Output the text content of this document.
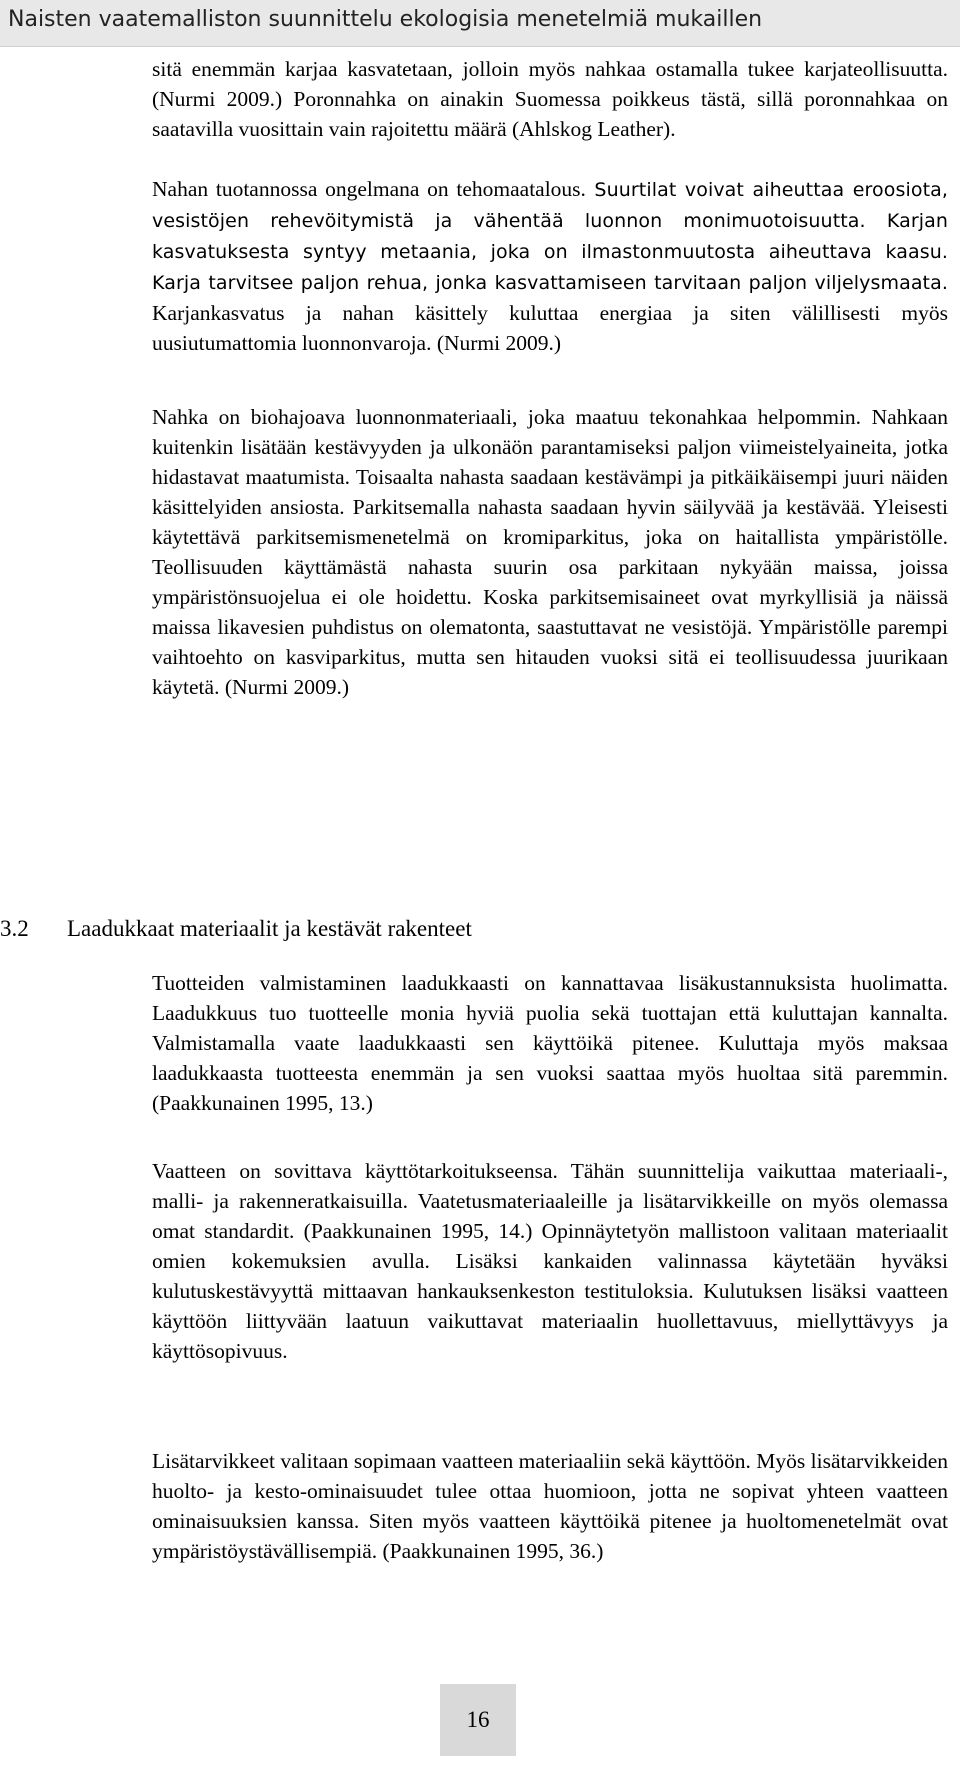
Naisten vaatemalliston suunnittelu ekologisia menetelmiä mukaillen

sitä enemmän karjaa kasvatetaan, jolloin myös nahkaa ostamalla tukee karjateollisuutta. (Nurmi 2009.) Poronnahka on ainakin Suomessa poikkeus tästä, sillä poronnahkaa on saatavilla vuosittain vain rajoitettu määrä (Ahlskog Leather).

Nahan tuotannossa ongelmana on tehomaatalous. Suurtilat voivat aiheuttaa eroosiota, vesistöjen rehevöitymistä ja vähentää luonnon monimuotoisuutta. Karjan kasvatuksesta syntyy metaania, joka on ilmastonmuutosta aiheuttava kaasu. Karja tarvitsee paljon rehua, jonka kasvattamiseen tarvitaan paljon viljelysmaata. Karjankasvatus ja nahan käsittely kuluttaa energiaa ja siten välillisesti myös uusiutumattomia luonnonvaroja. (Nurmi 2009.)

Nahka on biohajoava luonnonmateriaali, joka maatuu tekonahkaa helpommin. Nahkaan kuitenkin lisätään kestävyyden ja ulkonäön parantamiseksi paljon viimeistelyaineita, jotka hidastavat maatumista. Toisaalta nahasta saadaan kestävämpi ja pitkäikäisempi juuri näiden käsittelyiden ansiosta. Parkitsemalla nahasta saadaan hyvin säilyvää ja kestävää. Yleisesti käytettävä parkitsemismenetelmä on kromiparkitus, joka on haitallista ympäristölle. Teollisuuden käyttämästä nahasta suurin osa parkitaan nykyään maissa, joissa ympäristönsuojelua ei ole hoidettu. Koska parkitsemisaineet ovat myrkyllisiä ja näissä maissa likavesien puhdistus on olematonta, saastuttavat ne vesistöjä. Ympäristölle parempi vaihtoehto on kasviparkitus, mutta sen hitauden vuoksi sitä ei teollisuudessa juurikaan käytetä. (Nurmi 2009.)

3.2 Laadukkaat materiaalit ja kestävät rakenteet

Tuotteiden valmistaminen laadukkaasti on kannattavaa lisäkustannuksista huolimatta. Laadukkuus tuo tuotteelle monia hyviä puolia sekä tuottajan että kuluttajan kannalta. Valmistamalla vaate laadukkaasti sen käyttöikä pitenee. Kuluttaja myös maksaa laadukkaasta tuotteesta enemmän ja sen vuoksi saattaa myös huoltaa sitä paremmin. (Paakkunainen 1995, 13.)

Vaatteen on sovittava käyttötarkoitukseensa. Tähän suunnittelija vaikuttaa materiaali-, malli- ja rakenneratkaisuilla. Vaatetusmateriaaleille ja lisätarvikkeille on myös olemassa omat standardit. (Paakkunainen 1995, 14.) Opinnäytetyön mallistoon valitaan materiaalit omien kokemuksien avulla. Lisäksi kankaiden valinnassa käytetään hyväksi kulutuskestävyyttä mittaavan hankauksenkeston testituloksia. Kulutuksen lisäksi vaatteen käyttöön liittyvään laatuun vaikuttavat materiaalin huollettavuus, miellyttävyys ja käyttösopivuus.

Lisätarvikkeet valitaan sopimaan vaatteen materiaaliin sekä käyttöön. Myös lisätarvikkeiden huolto- ja kesto-ominaisuudet tulee ottaa huomioon, jotta ne sopivat yhteen vaatteen ominaisuuksien kanssa. Siten myös vaatteen käyttöikä pitenee ja huoltomenetelmät ovat ympäristöystävällisempiä. (Paakkunainen 1995, 36.)

16
